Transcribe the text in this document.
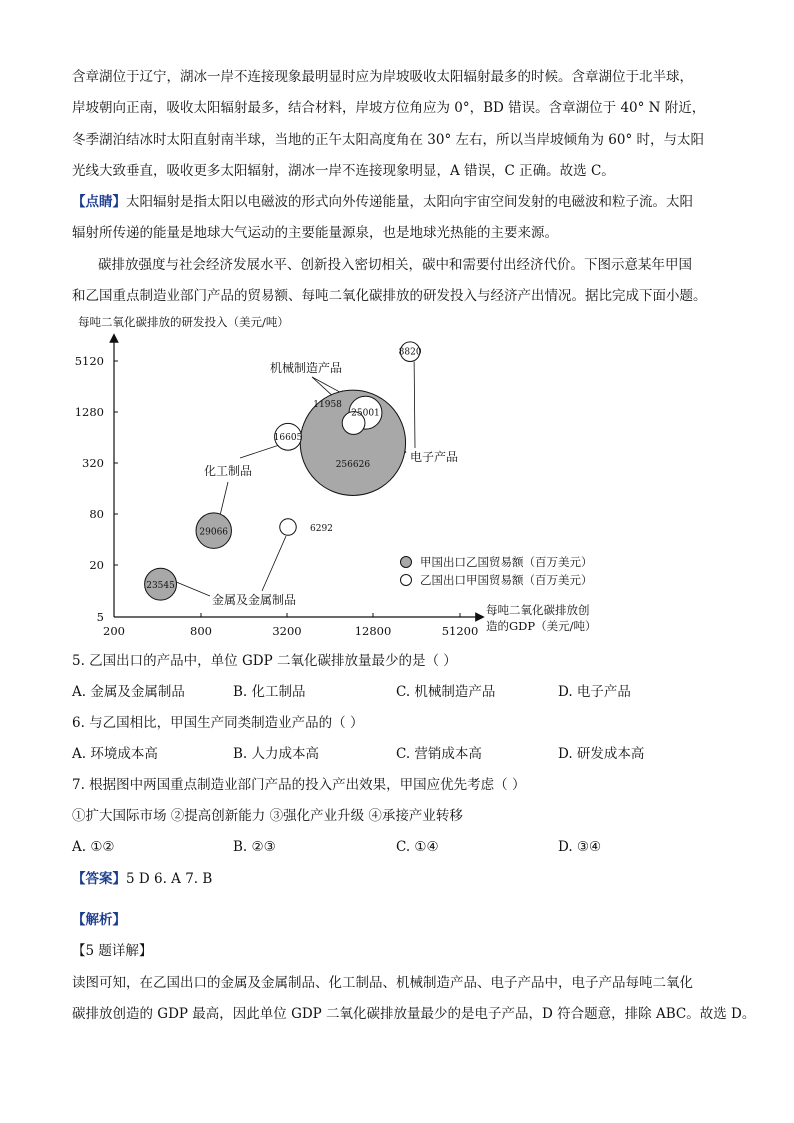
含章湖位于辽宁，湖冰一岸不连接现象最明显时应为岸坡吸收太阳辐射最多的时候。含章湖位于北半球，
岸坡朝向正南，吸收太阳辐射最多，结合材料，岸坡方位角应为 0°，BD 错误。含章湖位于 40° N 附近，
冬季湖泊结冰时太阳直射南半球，当地的正午太阳高度角在 30° 左右，所以当岸坡倾角为 60° 时，与太阳
光线大致垂直，吸收更多太阳辐射，湖冰一岸不连接现象明显，A 错误，C 正确。故选 C。
【点睛】太阳辐射是指太阳以电磁波的形式向外传递能量，太阳向宇宙空间发射的电磁波和粒子流。太阳
辐射所传递的能量是地球大气运动的主要能量源泉，也是地球光热能的主要来源。
碳排放强度与社会经济发展水平、创新投入密切相关，碳中和需要付出经济代价。下图示意某年甲国
和乙国重点制造业部门产品的贸易额、每吨二氧化碳排放的研发投入与经济产出情况。据比完成下面小题。
每吨二氧化碳排放的研发投入（美元/吨）
5
20
80
320
1280
5120
200	800	3200	12800	51200
每吨二氧化碳排放创
造的GDP（美元/吨）
23545
29066
256626
6292
16605
11958
25001
8820
机械制造产品
化工制品
电子产品
金属及金属制品
甲国出口乙国贸易额（百万美元）
乙国出口甲国贸易额（百万美元）
5. 乙国出口的产品中，单位 GDP 二氧化碳排放量最少的是（ ）
A. 金属及金属制品	B. 化工制品	C. 机械制造产品	D. 电子产品
6. 与乙国相比，甲国生产同类制造业产品的（ ）
A. 环境成本高	B. 人力成本高	C. 营销成本高	D. 研发成本高
7. 根据图中两国重点制造业部门产品的投入产出效果，甲国应优先考虑（ ）
①扩大国际市场 ②提高创新能力 ③强化产业升级 ④承接产业转移
A. ①②	B. ②③	C. ①④	D. ③④
【答案】5 D 6. A 7. B
【解析】
【5 题详解】
读图可知，在乙国出口的金属及金属制品、化工制品、机械制造产品、电子产品中，电子产品每吨二氧化
碳排放创造的 GDP 最高，因此单位 GDP 二氧化碳排放量最少的是电子产品，D 符合题意，排除 ABC。故选 D。
